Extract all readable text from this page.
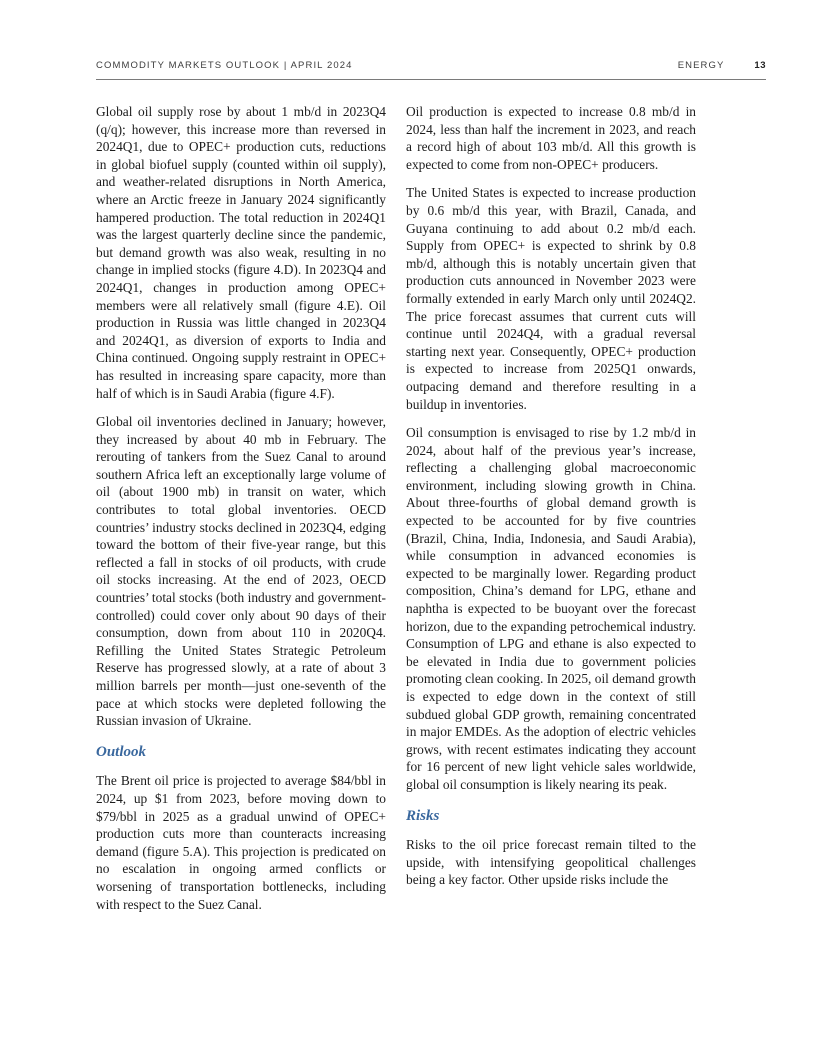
COMMODITY MARKETS OUTLOOK | APRIL 2024	ENERGY	13

Global oil supply rose by about 1 mb/d in 2023Q4 (q/q); however, this increase more than reversed in 2024Q1, due to OPEC+ production cuts, reductions in global biofuel supply (counted within oil supply), and weather-related disruptions in North America, where an Arctic freeze in January 2024 significantly hampered production. The total reduction in 2024Q1 was the largest quarterly decline since the pandemic, but demand growth was also weak, resulting in no change in implied stocks (figure 4.D). In 2023Q4 and 2024Q1, changes in production among OPEC+ members were all relatively small (figure 4.E). Oil production in Russia was little changed in 2023Q4 and 2024Q1, as diversion of exports to India and China continued. Ongoing supply restraint in OPEC+ has resulted in increasing spare capacity, more than half of which is in Saudi Arabia (figure 4.F).

Global oil inventories declined in January; however, they increased by about 40 mb in February. The rerouting of tankers from the Suez Canal to around southern Africa left an exceptionally large volume of oil (about 1900 mb) in transit on water, which contributes to total global inventories. OECD countries’ industry stocks declined in 2023Q4, edging toward the bottom of their five-year range, but this reflected a fall in stocks of oil products, with crude oil stocks increasing. At the end of 2023, OECD countries’ total stocks (both industry and government-controlled) could cover only about 90 days of their consumption, down from about 110 in 2020Q4. Refilling the United States Strategic Petroleum Reserve has progressed slowly, at a rate of about 3 million barrels per month—just one-seventh of the pace at which stocks were depleted following the Russian invasion of Ukraine.

Outlook

The Brent oil price is projected to average $84/bbl in 2024, up $1 from 2023, before moving down to $79/bbl in 2025 as a gradual unwind of OPEC+ production cuts more than counteracts increasing demand (figure 5.A). This projection is predicated on no escalation in ongoing armed conflicts or worsening of transportation bottlenecks, including with respect to the Suez Canal.

Oil production is expected to increase 0.8 mb/d in 2024, less than half the increment in 2023, and reach a record high of about 103 mb/d. All this growth is expected to come from non-OPEC+ producers.

The United States is expected to increase production by 0.6 mb/d this year, with Brazil, Canada, and Guyana continuing to add about 0.2 mb/d each. Supply from OPEC+ is expected to shrink by 0.8 mb/d, although this is notably uncertain given that production cuts announced in November 2023 were formally extended in early March only until 2024Q2. The price forecast assumes that current cuts will continue until 2024Q4, with a gradual reversal starting next year. Consequently, OPEC+ production is expected to increase from 2025Q1 onwards, outpacing demand and therefore resulting in a buildup in inventories.

Oil consumption is envisaged to rise by 1.2 mb/d in 2024, about half of the previous year’s increase, reflecting a challenging global macroeconomic environment, including slowing growth in China. About three-fourths of global demand growth is expected to be accounted for by five countries (Brazil, China, India, Indonesia, and Saudi Arabia), while consumption in advanced economies is expected to be marginally lower. Regarding product composition, China’s demand for LPG, ethane and naphtha is expected to be buoyant over the forecast horizon, due to the expanding petrochemical industry. Consumption of LPG and ethane is also expected to be elevated in India due to government policies promoting clean cooking. In 2025, oil demand growth is expected to edge down in the context of still subdued global GDP growth, remaining concentrated in major EMDEs. As the adoption of electric vehicles grows, with recent estimates indicating they account for 16 percent of new light vehicle sales worldwide, global oil consumption is likely nearing its peak.

Risks

Risks to the oil price forecast remain tilted to the upside, with intensifying geopolitical challenges being a key factor. Other upside risks include the
